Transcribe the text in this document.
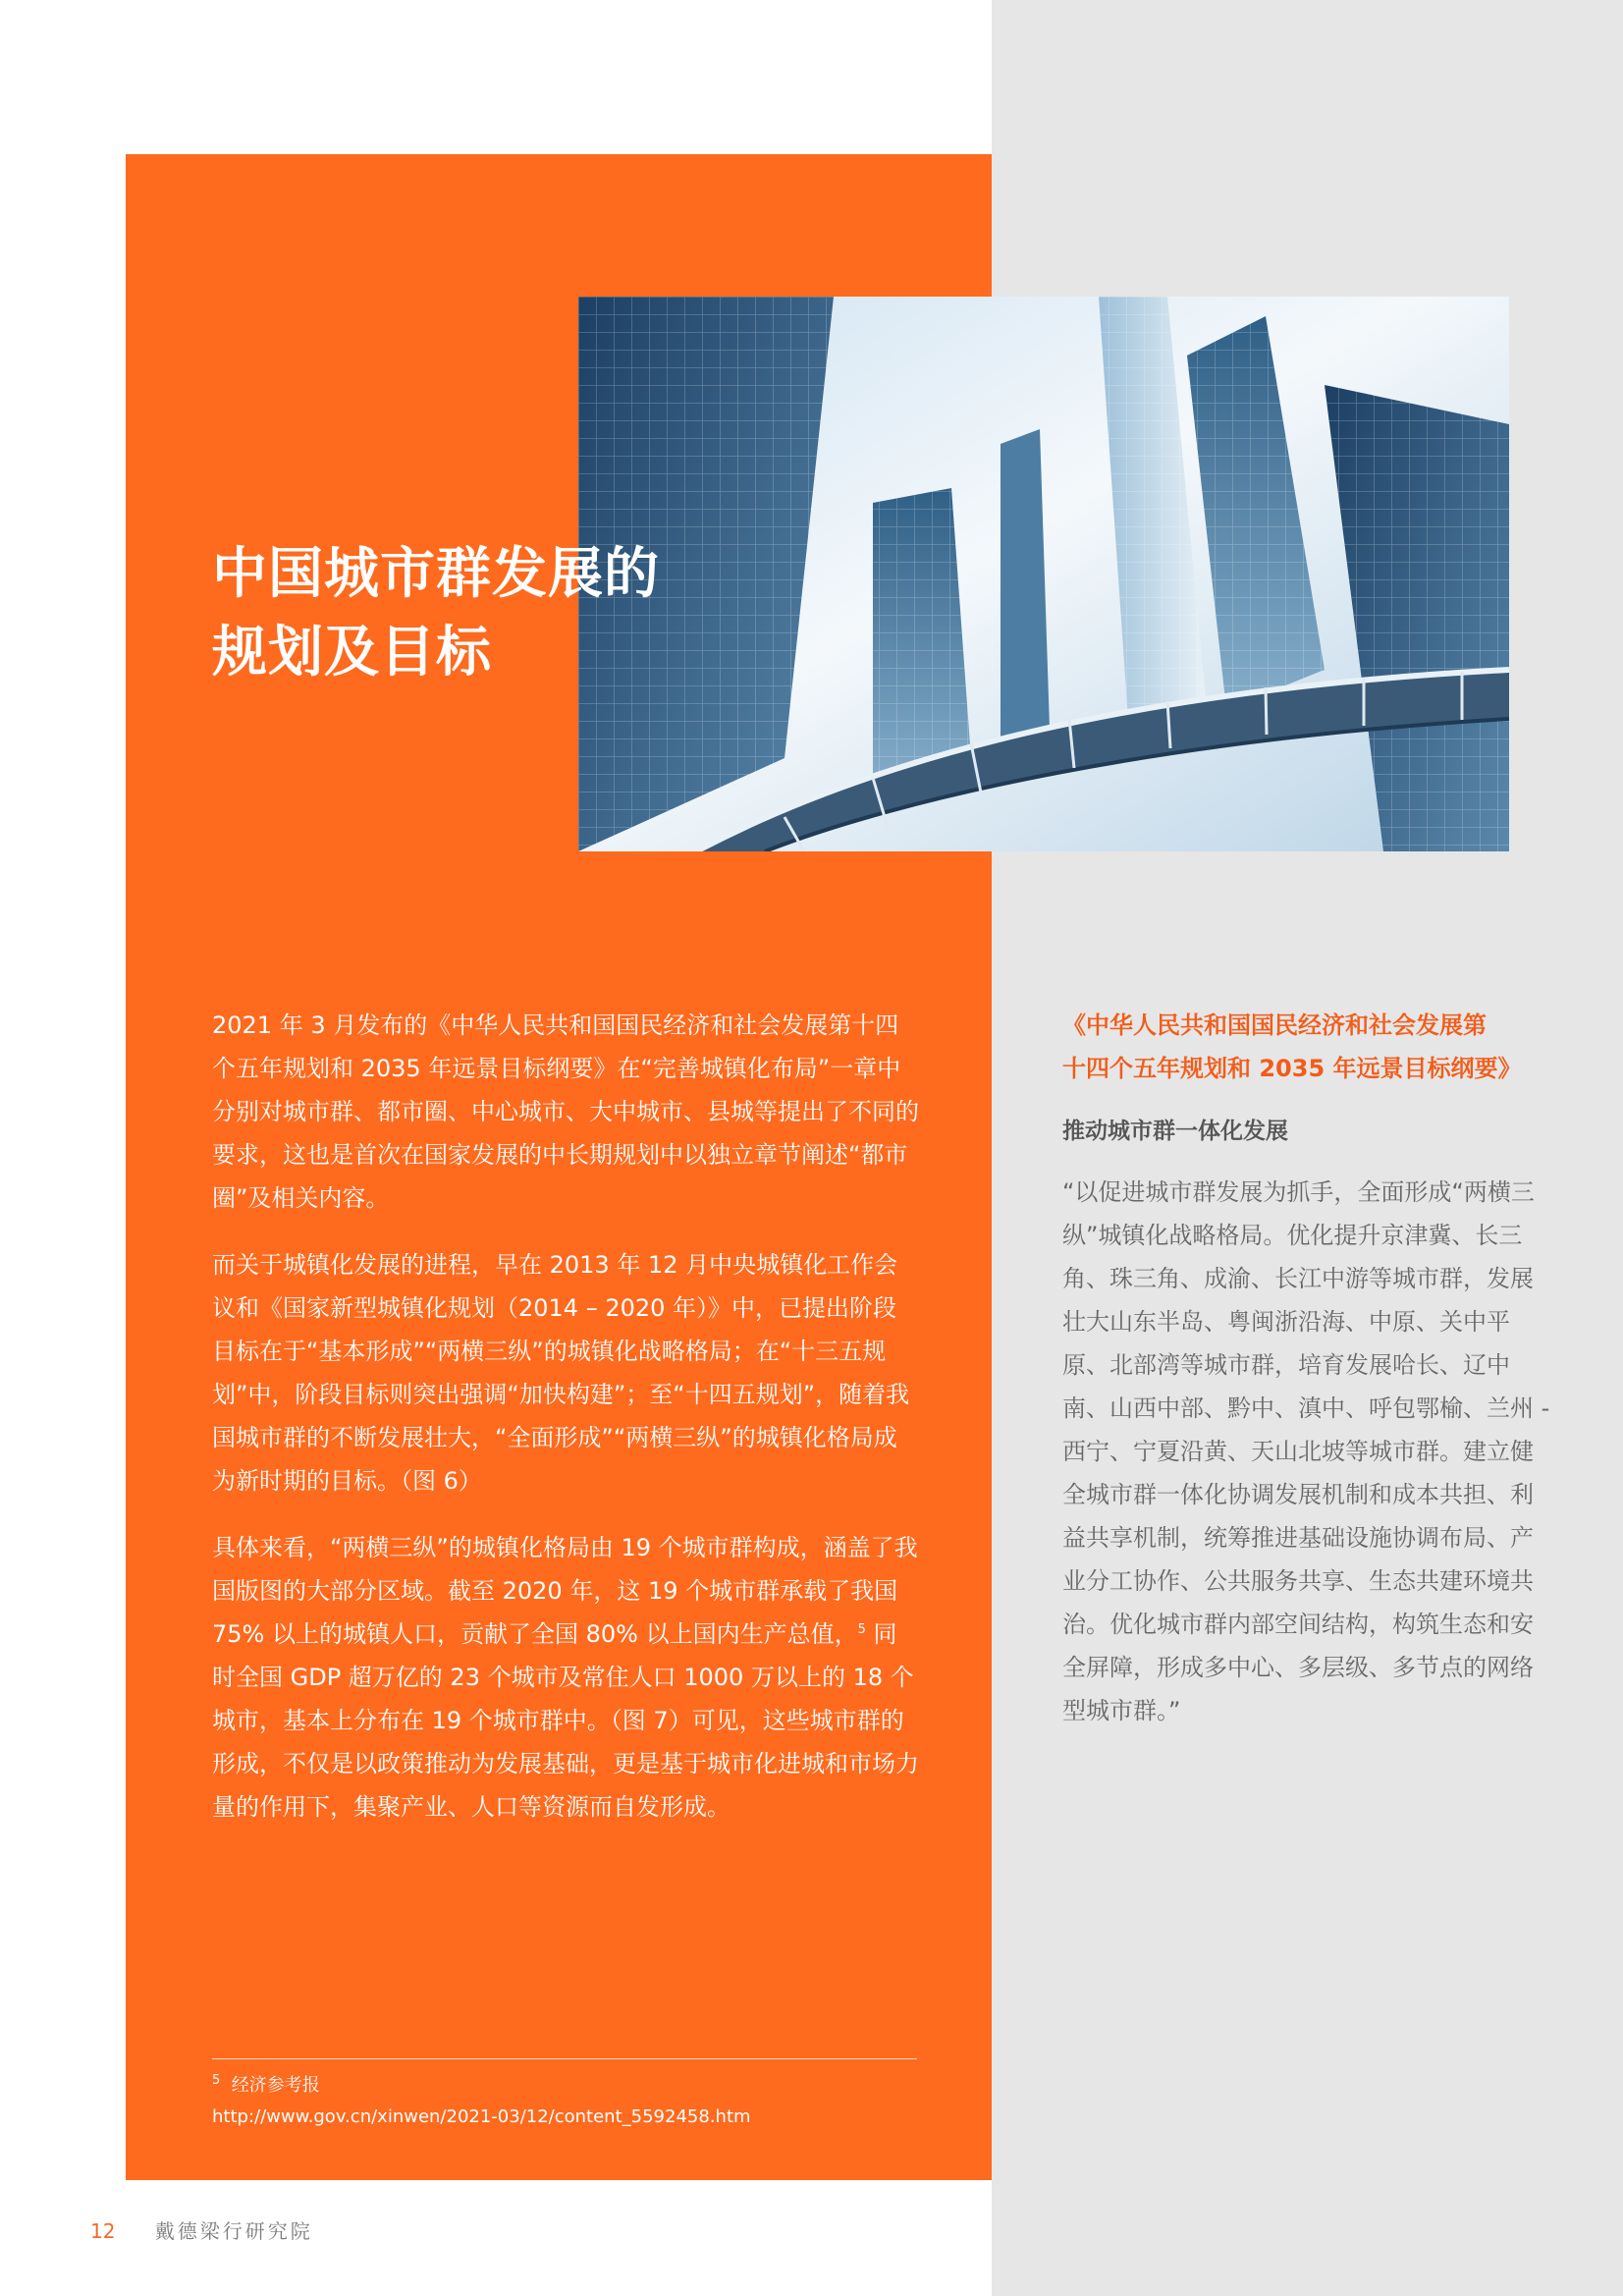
中国城市群发展的
规划及目标

2021 年 3 月发布的《中华人民共和国国民经济和社会发展第十四个五年规划和 2035 年远景目标纲要》在“完善城镇化布局”一章中分别对城市群、都市圈、中心城市、大中城市、县城等提出了不同的要求，这也是首次在国家发展的中长期规划中以独立章节阐述“都市圈”及相关内容。

而关于城镇化发展的进程，早在 2013 年 12 月中央城镇化工作会议和《国家新型城镇化规划（2014 – 2020 年）》中，已提出阶段目标在于“基本形成”“两横三纵”的城镇化战略格局；在“十三五规划”中，阶段目标则突出强调“加快构建”；至“十四五规划”，随着我国城市群的不断发展壮大，“全面形成”“两横三纵”的城镇化格局成为新时期的目标。（图 6）

具体来看，“两横三纵”的城镇化格局由 19 个城市群构成，涵盖了我国版图的大部分区域。截至 2020 年，这 19 个城市群承载了我国 75% 以上的城镇人口，贡献了全国 80% 以上国内生产总值，$^5$ 同时全国 GDP 超万亿的 23 个城市及常住人口 1000 万以上的 18 个城市，基本上分布在 19 个城市群中。（图 7）可见，这些城市群的形成，不仅是以政策推动为发展基础，更是基于城市化进城和市场力量的作用下，集聚产业、人口等资源而自发形成。

$^5$ 经济参考报
http://www.gov.cn/xinwen/2021-03/12/content_5592458.htm
《中华人民共和国国民经济和社会发展第
十四个五年规划和 2035 年远景目标纲要》
推动城市群一体化发展

“以促进城市群发展为抓手，全面形成“两横三纵”城镇化战略格局。优化提升京津冀、长三角、珠三角、成渝、长江中游等城市群，发展壮大山东半岛、粤闽浙沿海、中原、关中平原、北部湾等城市群，培育发展哈长、辽中南、山西中部、黔中、滇中、呼包鄂榆、兰州 - 西宁、宁夏沿黄、天山北坡等城市群。建立健全城市群一体化协调发展机制和成本共担、利益共享机制，统筹推进基础设施协调布局、产业分工协作、公共服务共享、生态共建环境共治。优化城市群内部空间结构，构筑生态和安全屏障，形成多中心、多层级、多节点的网络型城市群。”

12 戴德梁行研究院
